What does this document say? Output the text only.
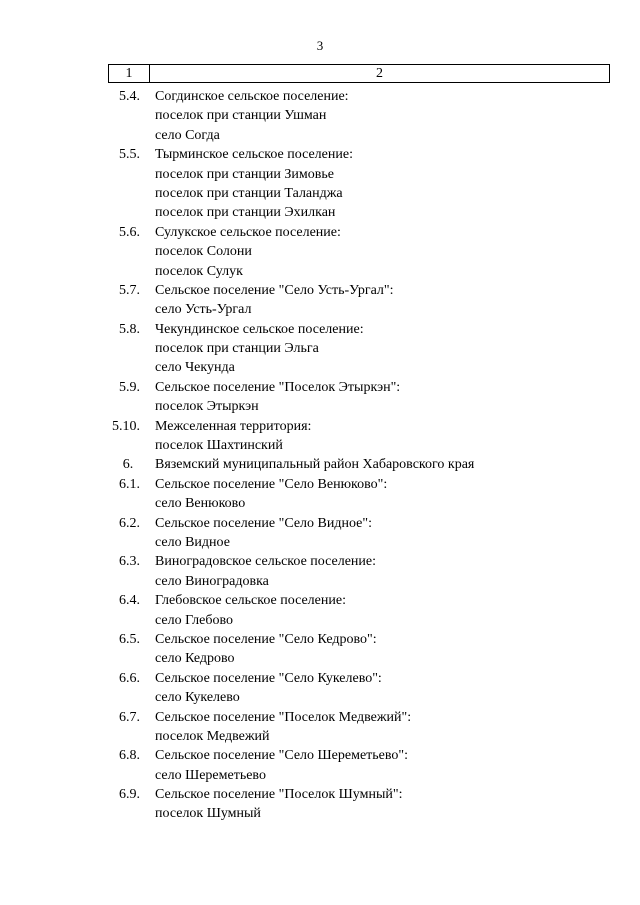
3
1	2
5.4. Согдинское сельское поселение:
поселок при станции Ушман
село Согда
5.5. Тырминское сельское поселение:
поселок при станции Зимовье
поселок при станции Таланджа
поселок при станции Эхилкан
5.6. Сулукское сельское поселение:
поселок Солони
поселок Сулук
5.7. Сельское поселение "Село Усть-Ургал":
село Усть-Ургал
5.8. Чекундинское сельское поселение:
поселок при станции Эльга
село Чекунда
5.9. Сельское поселение "Поселок Этыркэн":
поселок Этыркэн
5.10. Межселенная территория:
поселок Шахтинский
6.	Вяземский муниципальный район Хабаровского края
6.1. Сельское поселение "Село Венюково":
село Венюково
6.2. Сельское поселение "Село Видное":
село Видное
6.3. Виноградовское сельское поселение:
село Виноградовка
6.4. Глебовское сельское поселение:
село Глебово
6.5. Сельское поселение "Село Кедрово":
село Кедрово
6.6. Сельское поселение "Село Кукелево":
село Кукелево
6.7. Сельское поселение "Поселок Медвежий":
поселок Медвежий
6.8. Сельское поселение "Село Шереметьево":
село Шереметьево
6.9. Сельское поселение "Поселок Шумный":
поселок Шумный
